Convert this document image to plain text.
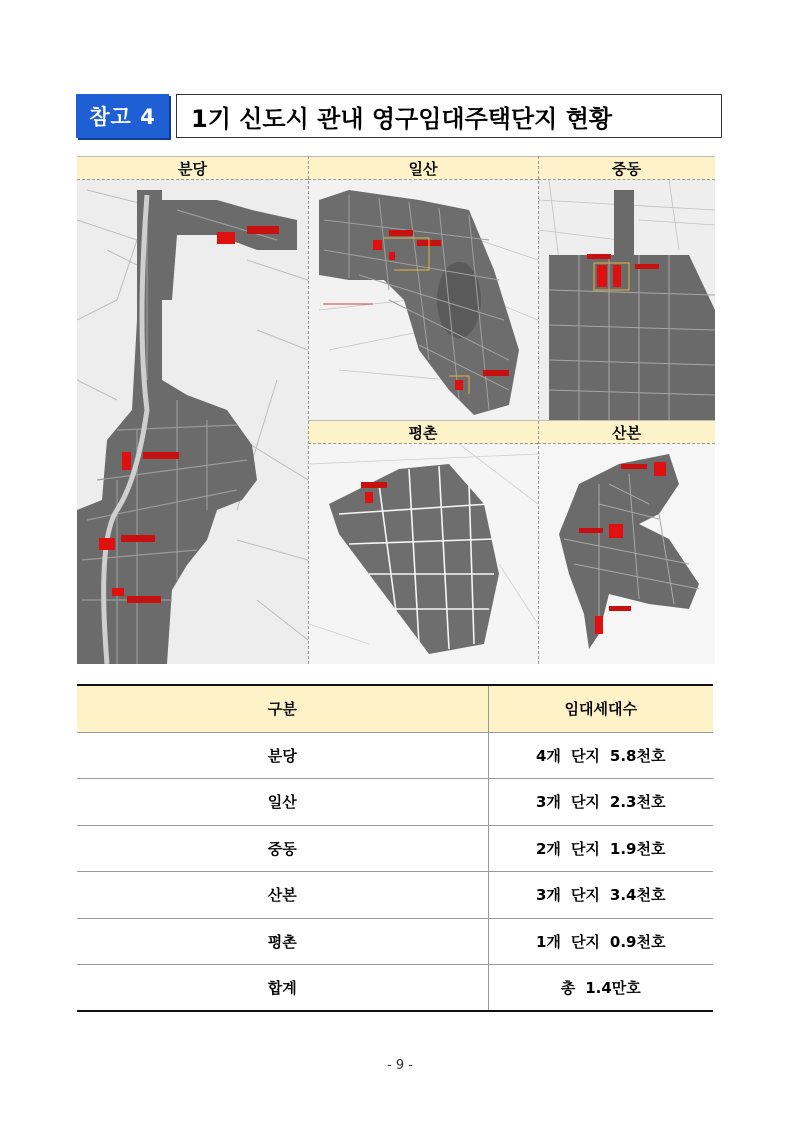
참고 4	1기 신도시 관내 영구임대주택단지 현황
분당	일산	중동
평촌	산본
구분	임대세대수
분당	4개 단지 5.8천호
일산	3개 단지 2.3천호
중동	2개 단지 1.9천호
산본	3개 단지 3.4천호
평촌	1개 단지 0.9천호
합계	총 1.4만호
- 9 -
